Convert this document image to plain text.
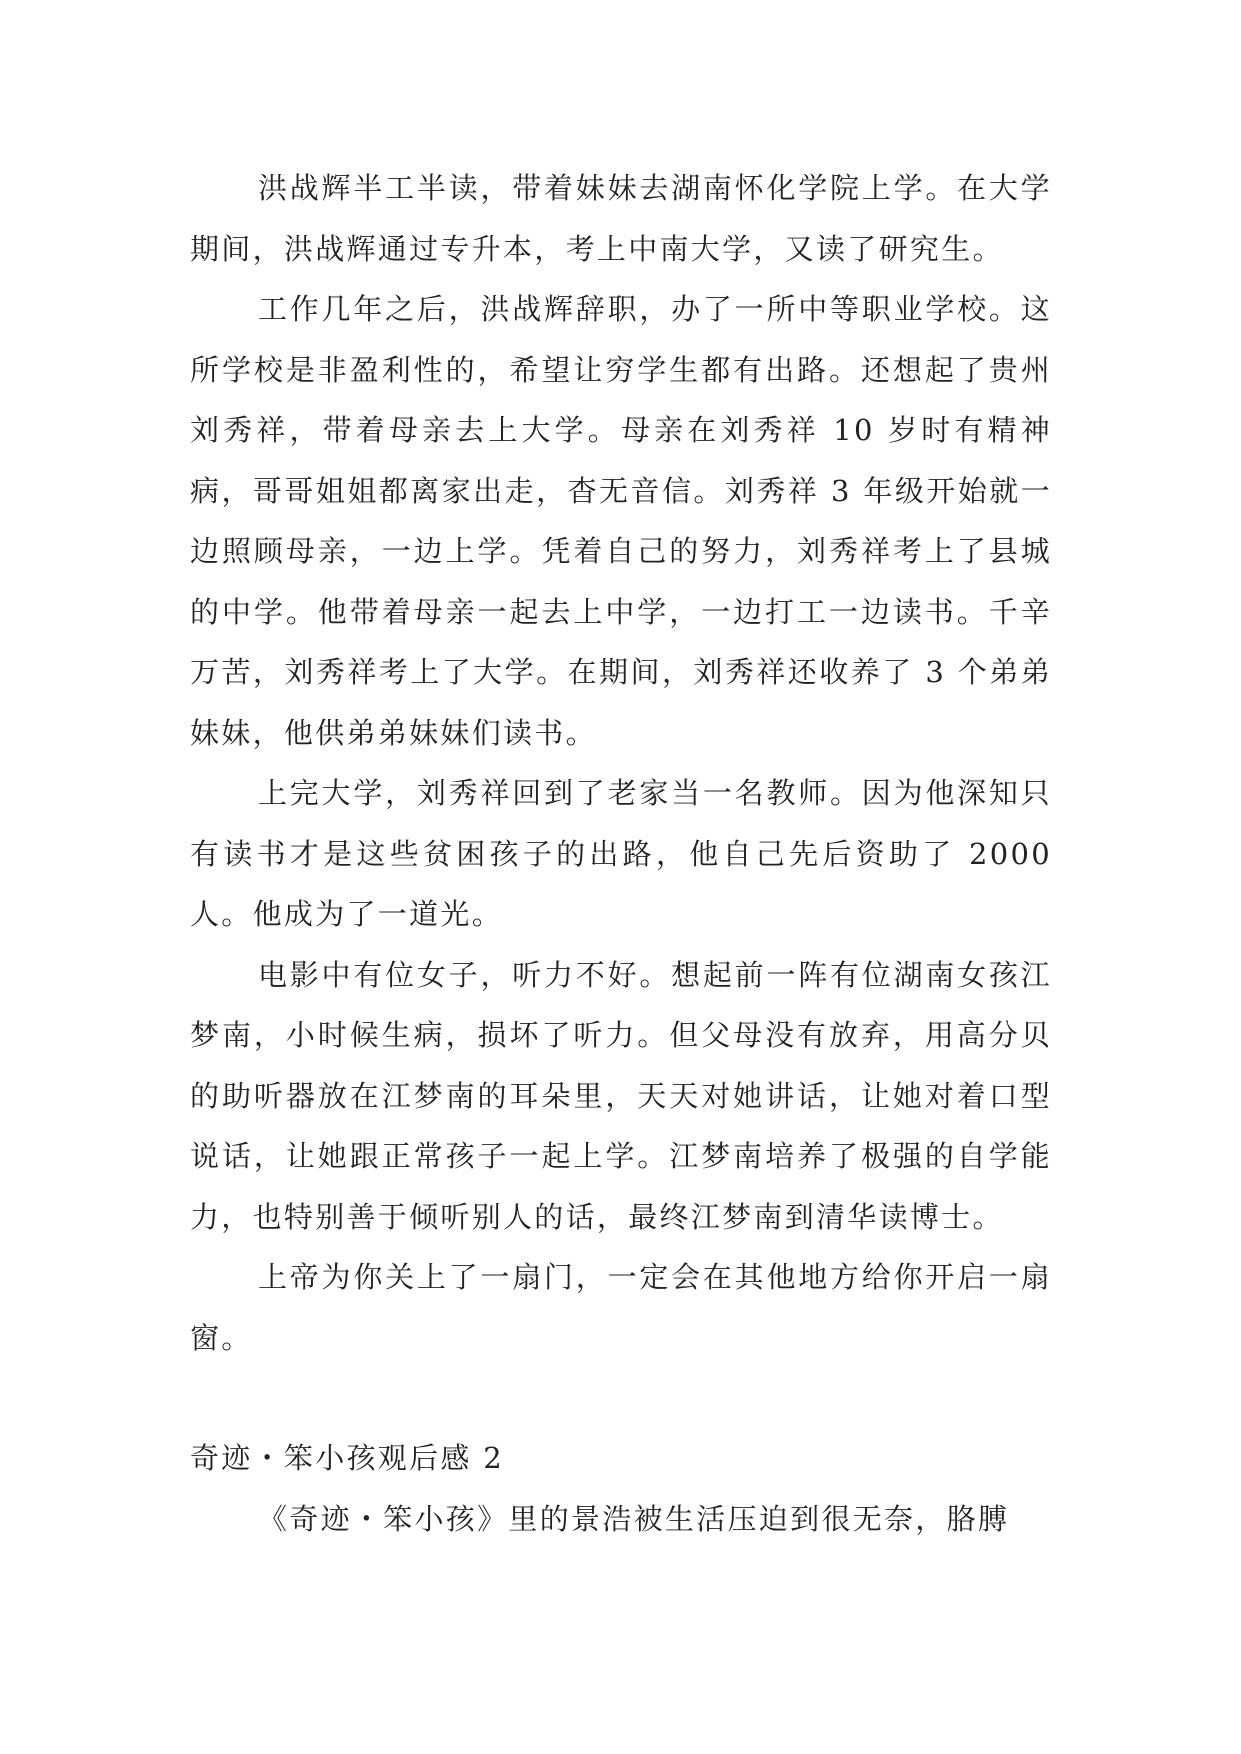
洪战辉半工半读，带着妹妹去湖南怀化学院上学。在大学期间，洪战辉通过专升本，考上中南大学，又读了研究生。

工作几年之后，洪战辉辞职，办了一所中等职业学校。这所学校是非盈利性的，希望让穷学生都有出路。还想起了贵州刘秀祥，带着母亲去上大学。母亲在刘秀祥 10 岁时有精神病，哥哥姐姐都离家出走，杳无音信。刘秀祥 3 年级开始就一边照顾母亲，一边上学。凭着自己的努力，刘秀祥考上了县城的中学。他带着母亲一起去上中学，一边打工一边读书。千辛万苦，刘秀祥考上了大学。在期间，刘秀祥还收养了 3 个弟弟妹妹，他供弟弟妹妹们读书。

上完大学，刘秀祥回到了老家当一名教师。因为他深知只有读书才是这些贫困孩子的出路，他自己先后资助了 2000 人。他成为了一道光。

电影中有位女子，听力不好。想起前一阵有位湖南女孩江梦南，小时候生病，损坏了听力。但父母没有放弃，用高分贝的助听器放在江梦南的耳朵里，天天对她讲话，让她对着口型说话，让她跟正常孩子一起上学。江梦南培养了极强的自学能力，也特别善于倾听别人的话，最终江梦南到清华读博士。

上帝为你关上了一扇门，一定会在其他地方给你开启一扇窗。

奇迹・笨小孩观后感 2

《奇迹・笨小孩》里的景浩被生活压迫到很无奈，胳膊
